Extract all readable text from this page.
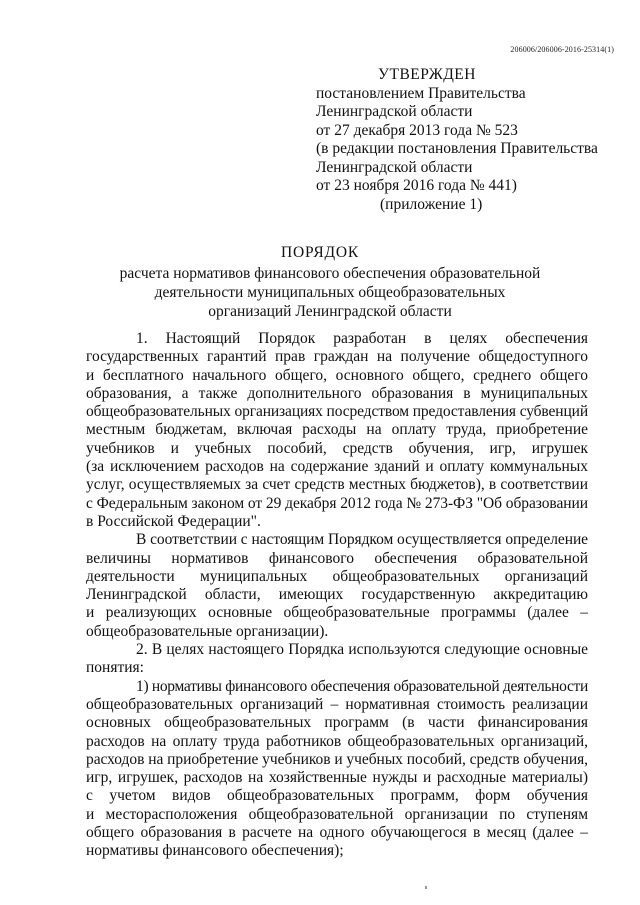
206006/206006-2016-25314(1)
УТВЕРЖДЕН
постановлением Правительства
Ленинградской области
от 27 декабря 2013 года № 523
(в редакции постановления Правительства
Ленинградской области
от 23 ноября 2016 года № 441)
(приложение 1)
ПОРЯДОК
расчета нормативов финансового обеспечения образовательной
деятельности муниципальных общеобразовательных
организаций Ленинградской области
1. Настоящий Порядок разработан в целях обеспечения
государственных гарантий прав граждан на получение общедоступного
и бесплатного начального общего, основного общего, среднего общего
образования, а также дополнительного образования в муниципальных
общеобразовательных организациях посредством предоставления субвенций
местным бюджетам, включая расходы на оплату труда, приобретение
учебников и учебных пособий, средств обучения, игр, игрушек
(за исключением расходов на содержание зданий и оплату коммунальных
услуг, осуществляемых за счет средств местных бюджетов), в соответствии
с Федеральным законом от 29 декабря 2012 года № 273-ФЗ "Об образовании
в Российской Федерации".
В соответствии с настоящим Порядком осуществляется определение
величины нормативов финансового обеспечения образовательной
деятельности муниципальных общеобразовательных организаций
Ленинградской области, имеющих государственную аккредитацию
и реализующих основные общеобразовательные программы (далее –
общеобразовательные организации).
2. В целях настоящего Порядка используются следующие основные
понятия:
1) нормативы финансового обеспечения образовательной деятельности
общеобразовательных организаций – нормативная стоимость реализации
основных общеобразовательных программ (в части финансирования
расходов на оплату труда работников общеобразовательных организаций,
расходов на приобретение учебников и учебных пособий, средств обучения,
игр, игрушек, расходов на хозяйственные нужды и расходные материалы)
с учетом видов общеобразовательных программ, форм обучения
и месторасположения общеобразовательной организации по ступеням
общего образования в расчете на одного обучающегося в месяц (далее –
нормативы финансового обеспечения);
